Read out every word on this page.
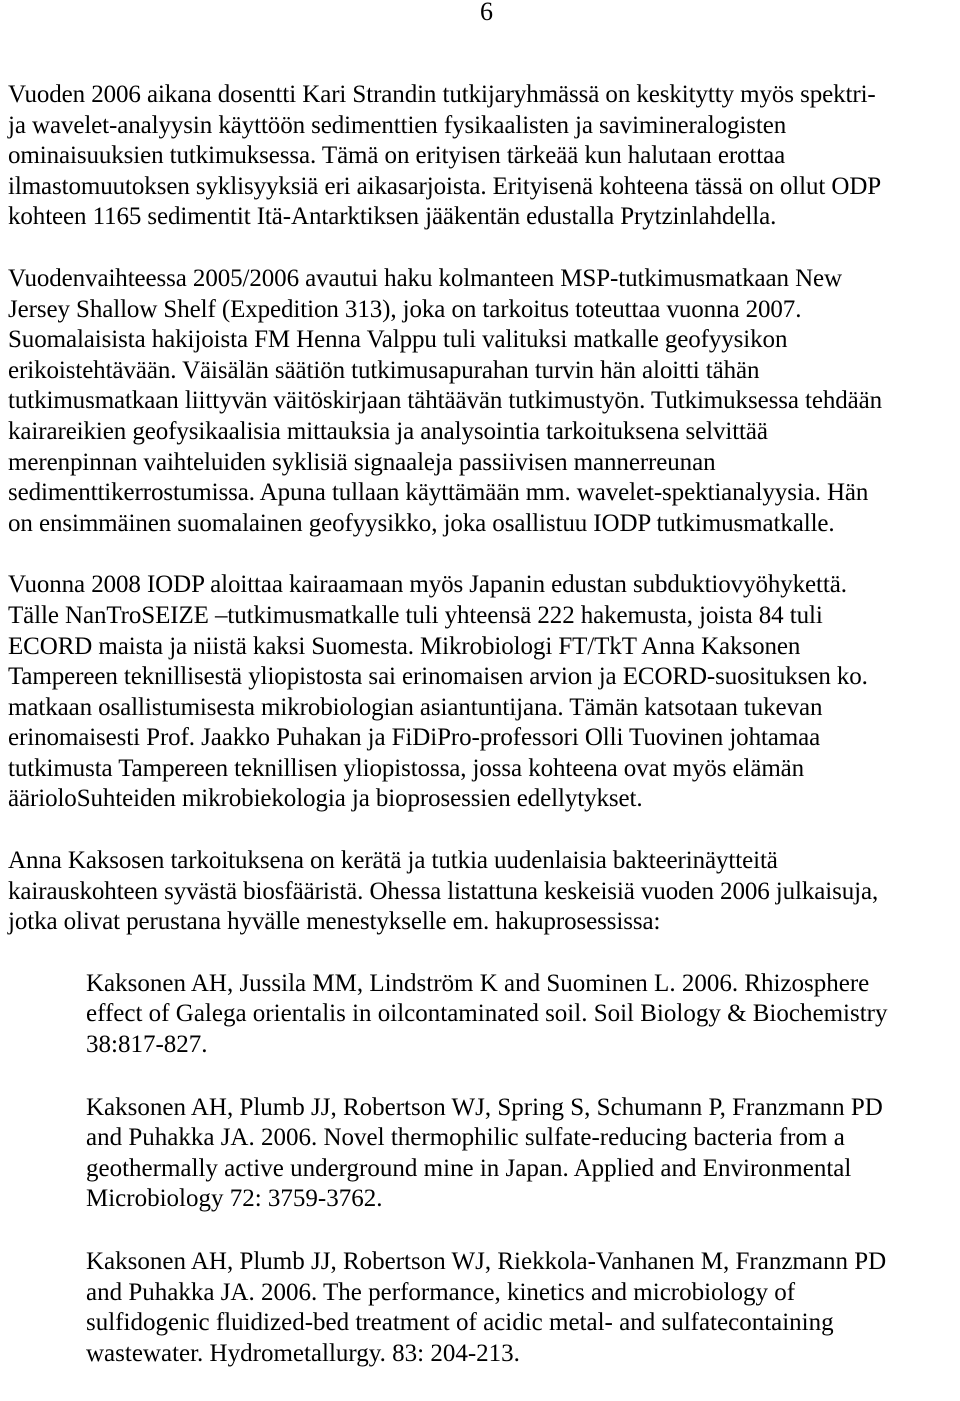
6
Vuoden 2006 aikana dosentti Kari Strandin tutkijaryhmässä on keskitytty myös spektri-
ja wavelet-analyysin käyttöön sedimenttien fysikaalisten ja savimineralogisten
ominaisuuksien tutkimuksessa. Tämä on erityisen tärkeää kun halutaan erottaa
ilmastomuutoksen syklisyyksiä eri aikasarjoista. Erityisenä kohteena tässä on ollut ODP
kohteen 1165 sedimentit Itä-Antarktiksen jääkentän edustalla Prytzinlahdella.
Vuodenvaihteessa 2005/2006 avautui haku kolmanteen MSP-tutkimusmatkaan New
Jersey Shallow Shelf (Expedition 313), joka on tarkoitus toteuttaa vuonna 2007.
Suomalaisista hakijoista FM Henna Valppu tuli valituksi matkalle geofyysikon
erikoistehtävään. Väisälän säätiön tutkimusapurahan turvin hän aloitti tähän
tutkimusmatkaan liittyvän väitöskirjaan tähtäävän tutkimustyön. Tutkimuksessa tehdään
kairareikien geofysikaalisia mittauksia ja analysointia tarkoituksena selvittää
merenpinnan vaihteluiden syklisiä signaaleja passiivisen mannerreunan
sedimenttikerrostumissa. Apuna tullaan käyttämään mm. wavelet-spektianalyysia. Hän
on ensimmäinen suomalainen geofyysikko, joka osallistuu IODP tutkimusmatkalle.
Vuonna 2008 IODP aloittaa kairaamaan myös Japanin edustan subduktiovyöhykettä.
Tälle NanTroSEIZE –tutkimusmatkalle tuli yhteensä 222 hakemusta, joista 84 tuli
ECORD maista ja niistä kaksi Suomesta. Mikrobiologi FT/TkT Anna Kaksonen
Tampereen teknillisestä yliopistosta sai erinomaisen arvion ja ECORD-suosituksen ko.
matkaan osallistumisesta mikrobiologian asiantuntijana. Tämän katsotaan tukevan
erinomaisesti Prof. Jaakko Puhakan ja FiDiPro-professori Olli Tuovinen johtamaa
tutkimusta Tampereen teknillisen yliopistossa, jossa kohteena ovat myös elämän
äärioloSuhteiden mikrobiekologia ja bioprosessien edellytykset.
Anna Kaksosen tarkoituksena on kerätä ja tutkia uudenlaisia bakteerinäytteitä
kairauskohteen syvästä biosfääristä. Ohessa listattuna keskeisiä vuoden 2006 julkaisuja,
jotka olivat perustana hyvälle menestykselle em. hakuprosessissa:
Kaksonen AH, Jussila MM, Lindström K and Suominen L. 2006. Rhizosphere
effect of Galega orientalis in oilcontaminated soil. Soil Biology & Biochemistry
38:817-827.
Kaksonen AH, Plumb JJ, Robertson WJ, Spring S, Schumann P, Franzmann PD
and Puhakka JA. 2006. Novel thermophilic sulfate-reducing bacteria from a
geothermally active underground mine in Japan. Applied and Environmental
Microbiology 72: 3759-3762.
Kaksonen AH, Plumb JJ, Robertson WJ, Riekkola-Vanhanen M, Franzmann PD
and Puhakka JA. 2006. The performance, kinetics and microbiology of
sulfidogenic fluidized-bed treatment of acidic metal- and sulfatecontaining
wastewater. Hydrometallurgy. 83: 204-213.
